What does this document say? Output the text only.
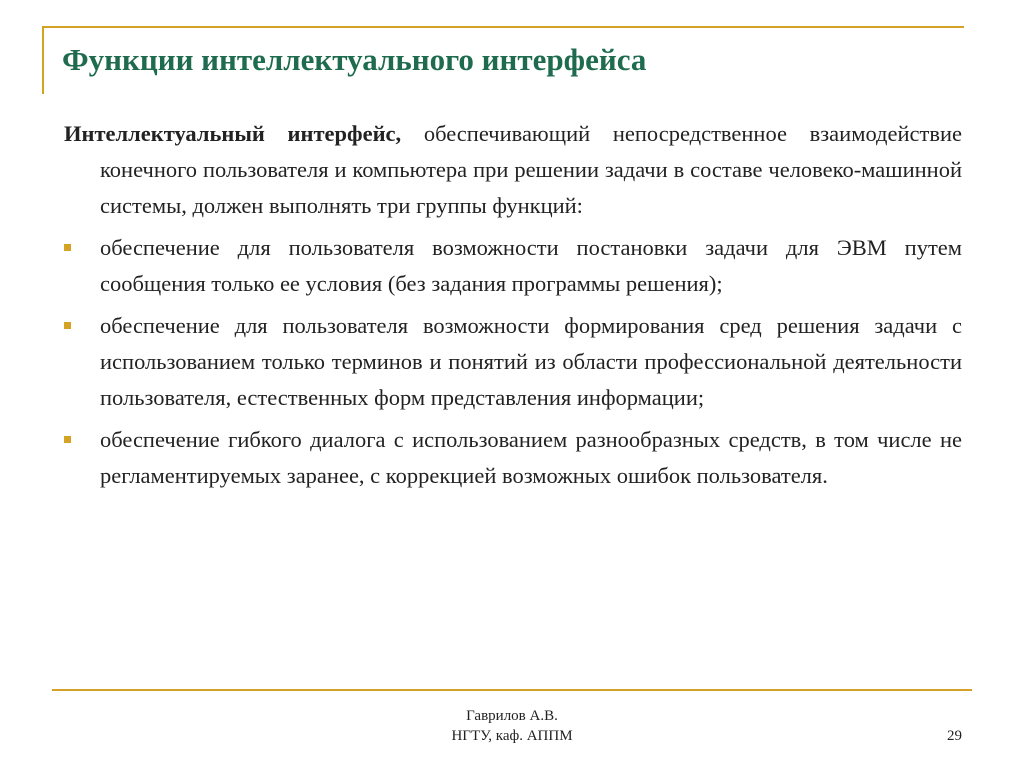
Функции интеллектуального интерфейса

Интеллектуальный интерфейс, обеспечивающий непосредственное взаимодействие конечного пользователя и компьютера при решении задачи в составе человеко-машинной системы, должен выполнять три группы функций:

обеспечение для пользователя возможности постановки задачи для ЭВМ путем сообщения только ее условия (без задания программы решения);
обеспечение для пользователя возможности формирования сред решения задачи с использованием только терминов и понятий из области профессиональной деятельности пользователя, естественных форм представления информации;
обеспечение гибкого диалога с использованием разнообразных средств, в том числе не регламентируемых заранее, с коррекцией возможных ошибок пользователя.
Гаврилов А.В.
НГТУ, каф. АППМ	29
